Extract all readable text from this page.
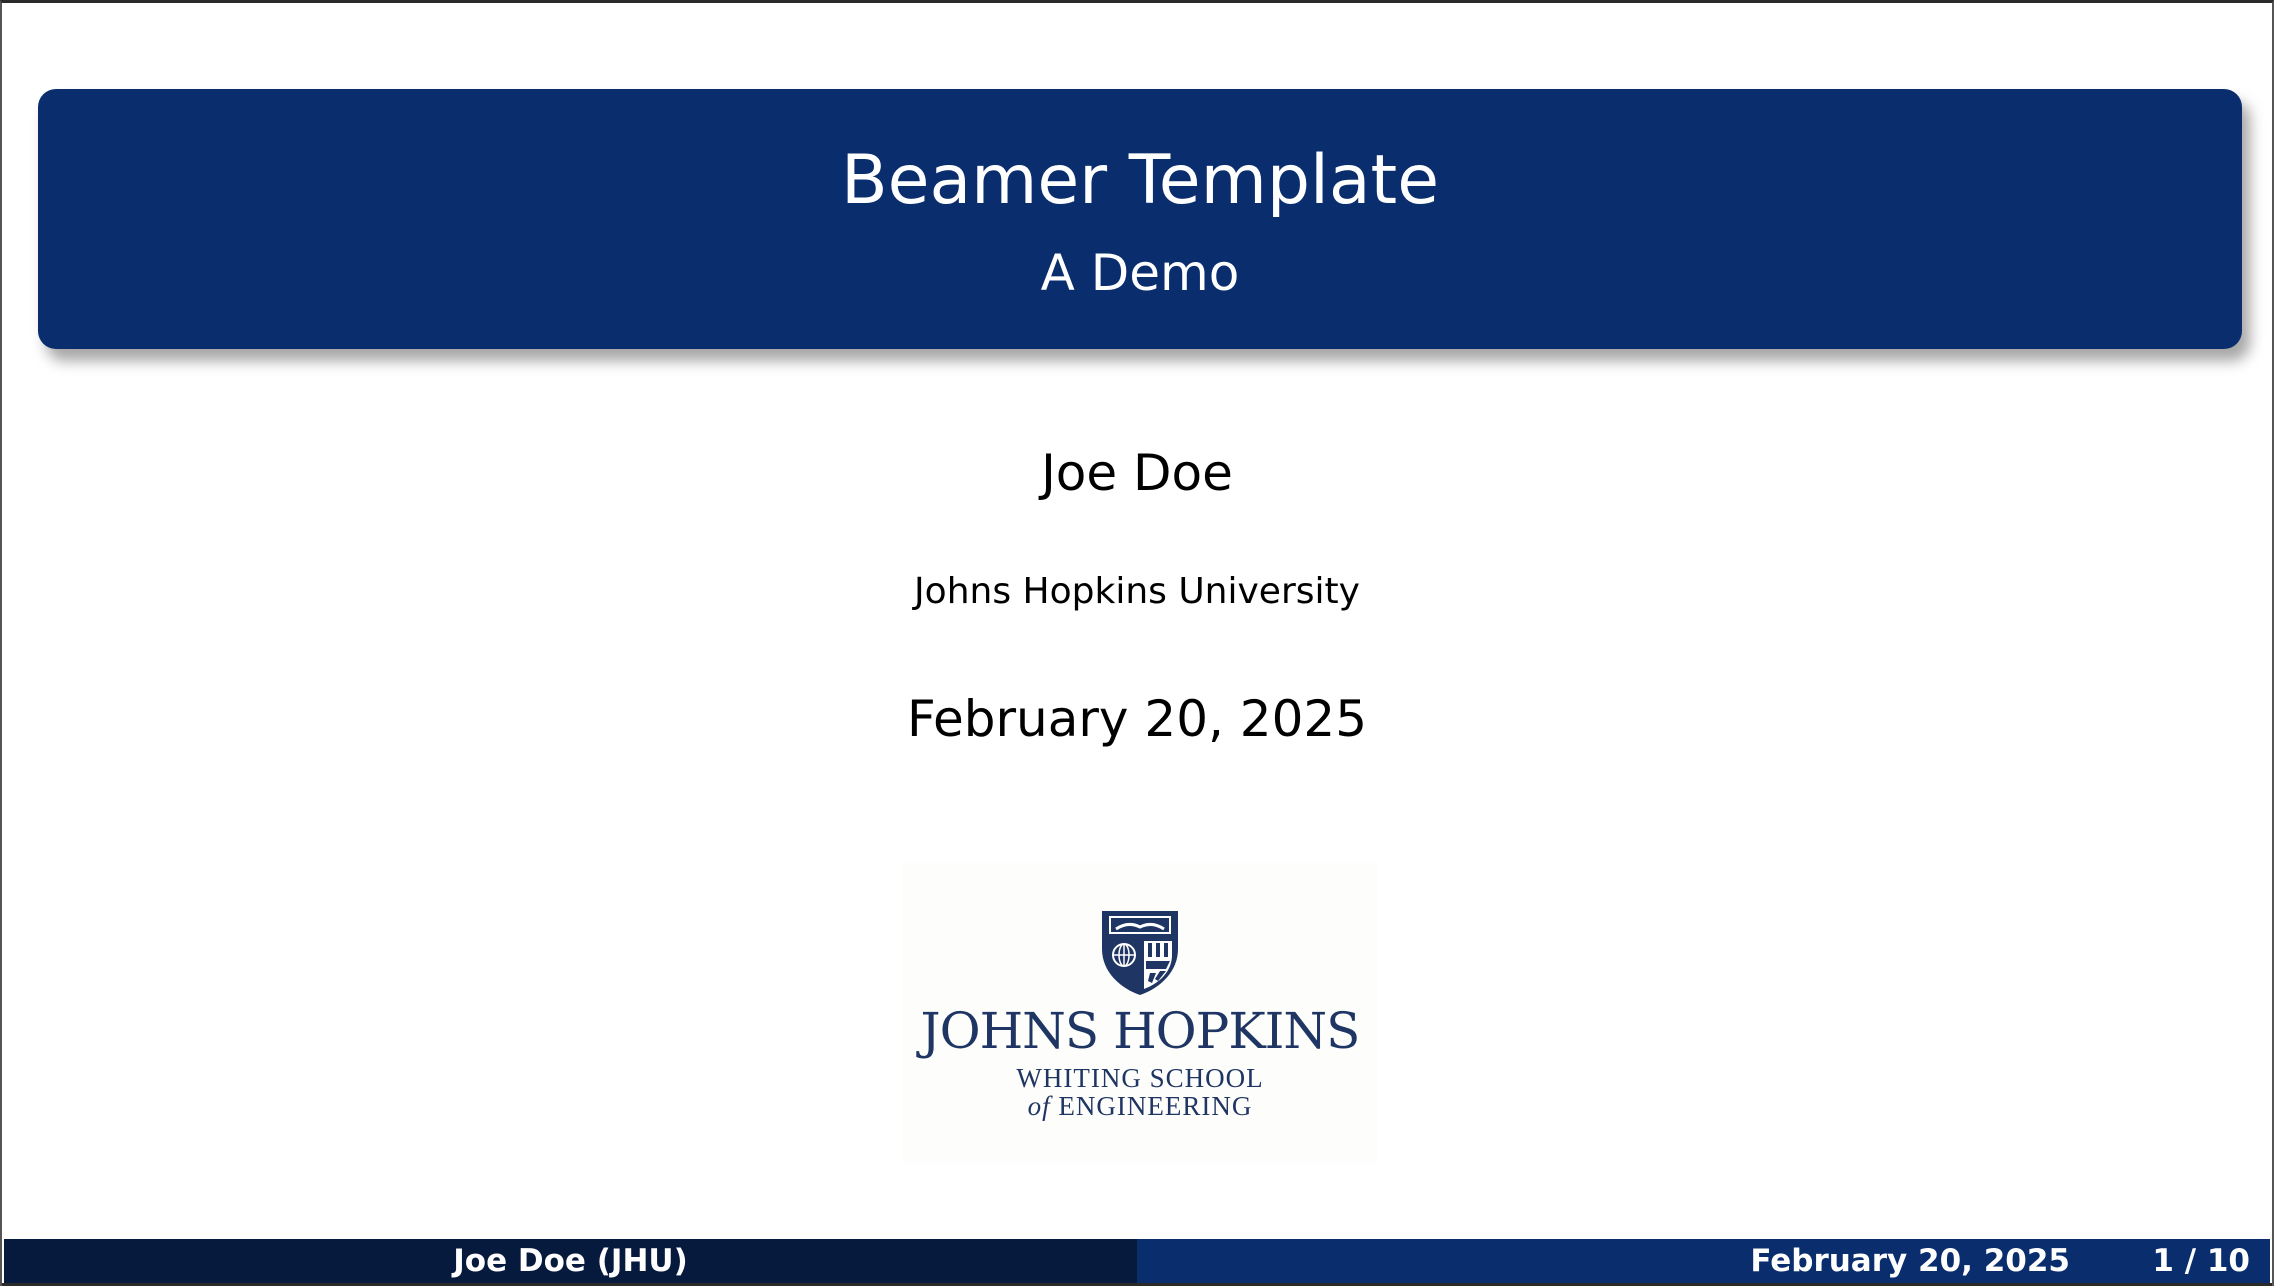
Beamer Template
A Demo
Joe Doe
Johns Hopkins University
February 20, 2025
JOHNS HOPKINS
WHITING SCHOOL
of ENGINEERING
Joe Doe (JHU)	February 20, 2025	1 / 10
